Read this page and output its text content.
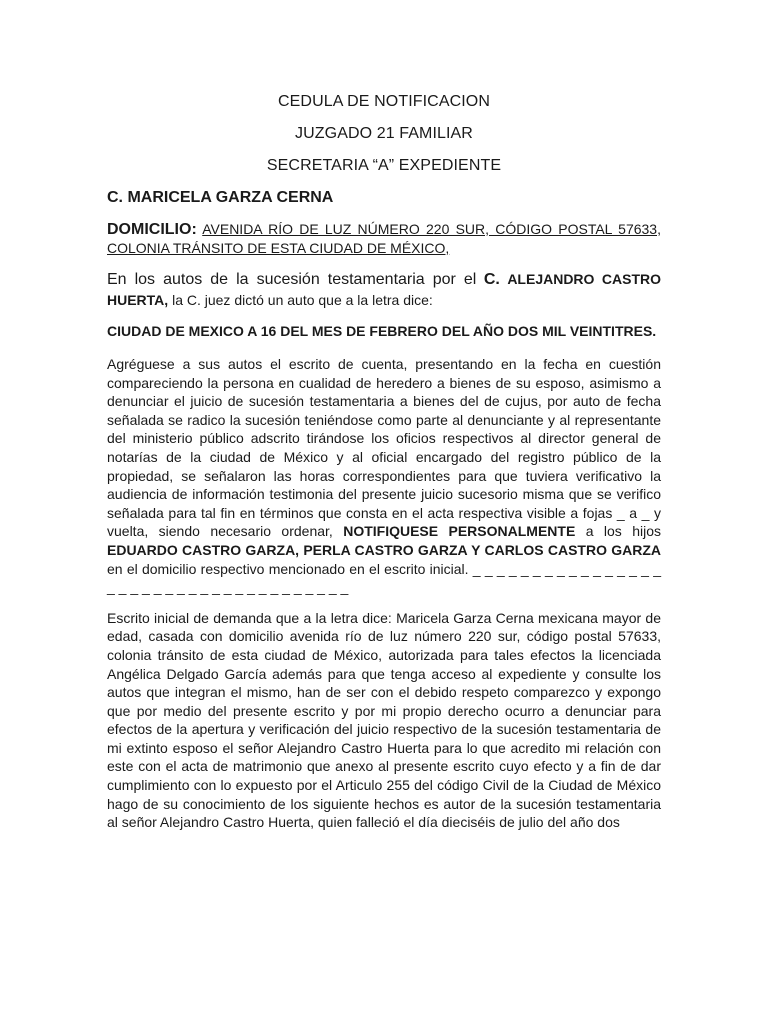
CEDULA DE NOTIFICACION

JUZGADO 21 FAMILIAR

SECRETARIA “A” EXPEDIENTE

C. MARICELA GARZA CERNA

DOMICILIO: AVENIDA RÍO DE LUZ NÚMERO 220 SUR, CÓDIGO POSTAL 57633, COLONIA TRÁNSITO DE ESTA CIUDAD DE MÉXICO,

En los autos de la sucesión testamentaria por el C. ALEJANDRO CASTRO HUERTA, la C. juez dictó un auto que a la letra dice:

CIUDAD DE MEXICO A 16 DEL MES DE FEBRERO DEL AÑO DOS MIL VEINTITRES.

Agréguese a sus autos el escrito de cuenta, presentando en la fecha en cuestión compareciendo la persona en cualidad de heredero a bienes de su esposo, asimismo a denunciar el juicio de sucesión testamentaria a bienes del de cujus, por auto de fecha señalada se radico la sucesión teniéndose como parte al denunciante y al representante del ministerio público adscrito tirándose los oficios respectivos al director general de notarías de la ciudad de México y al oficial encargado del registro público de la propiedad, se señalaron las horas correspondientes para que tuviera verificativo la audiencia de información testimonia del presente juicio sucesorio misma que se verifico señalada para tal fin en términos que consta en el acta respectiva visible a fojas _ a _ y vuelta, siendo necesario ordenar, NOTIFIQUESE PERSONALMENTE a los hijos EDUARDO CASTRO GARZA, PERLA CASTRO GARZA Y CARLOS CASTRO GARZA en el domicilio respectivo mencionado en el escrito inicial. _ _ _ _ _ _ _ _ _ _ _ _ _ _ _ _ _ _ _ _ _ _ _ _ _ _ _ _ _ _ _ _ _ _ _ _ _

Escrito inicial de demanda que a la letra dice: Maricela Garza Cerna mexicana mayor de edad, casada con domicilio avenida río de luz número 220 sur, código postal 57633, colonia tránsito de esta ciudad de México, autorizada para tales efectos la licenciada Angélica Delgado García además para que tenga acceso al expediente y consulte los autos que integran el mismo, han de ser con el debido respeto comparezco y expongo que por medio del presente escrito y por mi propio derecho ocurro a denunciar para efectos de la apertura y verificación del juicio respectivo de la sucesión testamentaria de mi extinto esposo el señor Alejandro Castro Huerta para lo que acredito mi relación con este con el acta de matrimonio que anexo al presente escrito cuyo efecto y a fin de dar cumplimiento con lo expuesto por el Articulo 255 del código Civil de la Ciudad de México hago de su conocimiento de los siguiente hechos es autor de la sucesión testamentaria al señor Alejandro Castro Huerta, quien falleció el día dieciséis de julio del año dos
